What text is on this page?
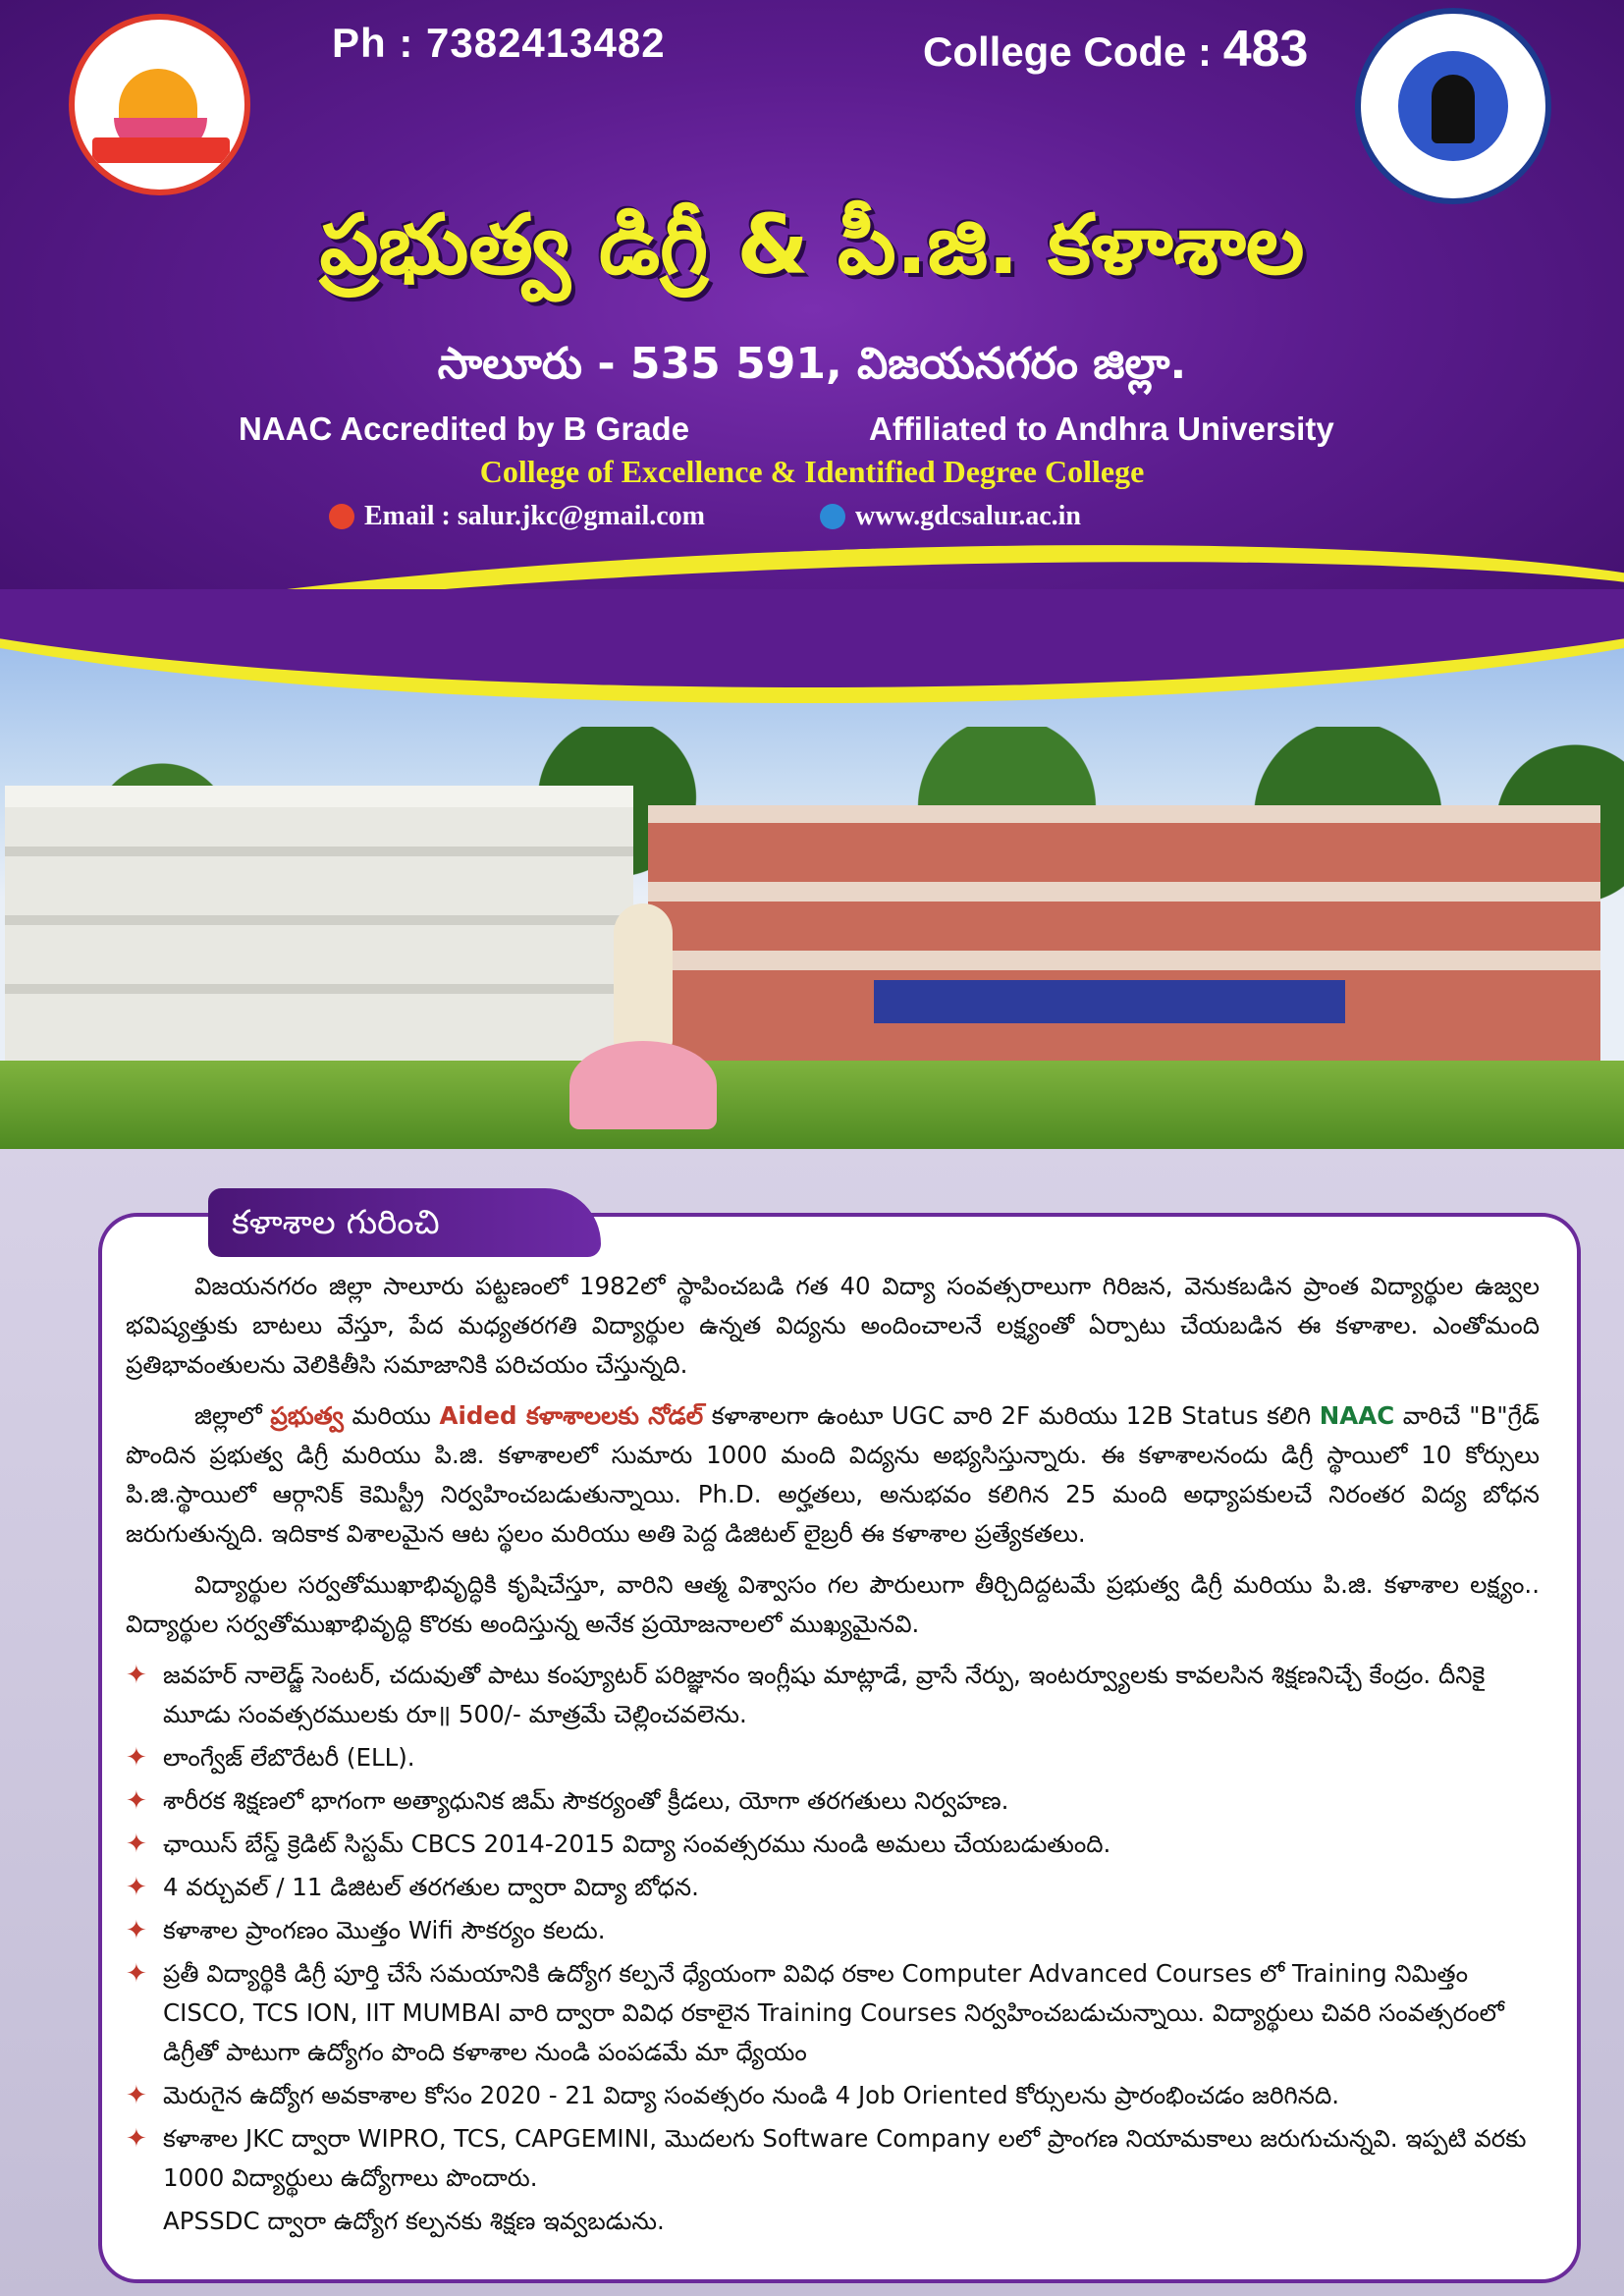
Ph : 7382413482	College Code : 483
ప్రభుత్వ డిగ్రీ & పీ.జి. కళాశాల
సాలూరు - 535 591, విజయనగరం జిల్లా.
NAAC Accredited by B Grade	Affiliated to Andhra University
College of Excellence & Identified Degree College
Email : salur.jkc@gmail.com	www.gdcsalur.ac.in
కళాశాల గురించి

విజయనగరం జిల్లా సాలూరు పట్టణంలో 1982లో స్థాపించబడి గత 40 విద్యా సంవత్సరాలుగా గిరిజన, వెనుకబడిన ప్రాంత విద్యార్థుల ఉజ్వల భవిష్యత్తుకు బాటలు వేస్తూ, పేద మధ్యతరగతి విద్యార్థుల ఉన్నత విద్యను అందించాలనే లక్ష్యంతో ఏర్పాటు చేయబడిన ఈ కళాశాల. ఎంతోమంది ప్రతిభావంతులను వెలికితీసి సమాజానికి పరిచయం చేస్తున్నది.

జిల్లాలో ప్రభుత్వ మరియు Aided కళాశాలలకు నోడల్ కళాశాలగా ఉంటూ UGC వారి 2F మరియు 12B Status కలిగి NAAC వారిచే "B"గ్రేడ్ పొందిన ప్రభుత్వ డిగ్రీ మరియు పి.జి. కళాశాలలో సుమారు 1000 మంది విద్యను అభ్యసిస్తున్నారు. ఈ కళాశాలనందు డిగ్రీ స్థాయిలో 10 కోర్సులు పి.జి.స్థాయిలో ఆర్గానిక్ కెమిస్ట్రీ నిర్వహించబడుతున్నాయి. Ph.D. అర్హతలు, అనుభవం కలిగిన 25 మంది అధ్యాపకులచే నిరంతర విద్య బోధన జరుగుతున్నది. ఇదికాక విశాలమైన ఆట స్థలం మరియు అతి పెద్ద డిజిటల్ లైబ్రరీ ఈ కళాశాల ప్రత్యేకతలు.

విద్యార్థుల సర్వతోముఖాభివృద్ధికి కృషిచేస్తూ, వారిని ఆత్మ విశ్వాసం గల పౌరులుగా తీర్చిదిద్దటమే ప్రభుత్వ డిగ్రీ మరియు పి.జి. కళాశాల లక్ష్యం.. విద్యార్థుల సర్వతోముఖాభివృద్ధి కొరకు అందిస్తున్న అనేక ప్రయోజనాలలో ముఖ్యమైనవి.

✦ జవహర్ నాలెడ్జ్ సెంటర్, చదువుతో పాటు కంప్యూటర్ పరిజ్ఞానం ఇంగ్లీషు మాట్లాడే, వ్రాసే నేర్పు, ఇంటర్వ్యూలకు కావలసిన శిక్షణనిచ్చే కేంద్రం. దీనికై మూడు సంవత్సరములకు రూ॥ 500/- మాత్రమే చెల్లించవలెను.
✦ లాంగ్వేజ్ లేబొరేటరీ (ELL).
✦ శారీరక శిక్షణలో భాగంగా అత్యాధునిక జిమ్ సౌకర్యంతో క్రీడలు, యోగా తరగతులు నిర్వహణ.
✦ ఛాయిస్ బేస్డ్ క్రెడిట్ సిస్టమ్ CBCS 2014-2015 విద్యా సంవత్సరము నుండి అమలు చేయబడుతుంది.
✦ 4 వర్చువల్ / 11 డిజిటల్ తరగతుల ద్వారా విద్యా బోధన.
✦ కళాశాల ప్రాంగణం మొత్తం Wifi సౌకర్యం కలదు.
✦ ప్రతీ విద్యార్థికి డిగ్రీ పూర్తి చేసే సమయానికి ఉద్యోగ కల్పనే ధ్యేయంగా వివిధ రకాల Computer Advanced Courses లో Training నిమిత్తం CISCO, TCS ION, IIT MUMBAI వారి ద్వారా వివిధ రకాలైన Training Courses నిర్వహించబడుచున్నాయి. విద్యార్థులు చివరి సంవత్సరంలో డిగ్రీతో పాటుగా ఉద్యోగం పొంది కళాశాల నుండి పంపడమే మా ధ్యేయం
✦ మెరుగైన ఉద్యోగ అవకాశాల కోసం 2020 - 21 విద్యా సంవత్సరం నుండి 4 Job Oriented కోర్సులను ప్రారంభించడం జరిగినది.
✦ కళాశాల JKC ద్వారా WIPRO, TCS, CAPGEMINI, మొదలగు Software Company లలో ప్రాంగణ నియామకాలు జరుగుచున్నవి. ఇప్పటి వరకు 1000 విద్యార్థులు ఉద్యోగాలు పొందారు.
APSSDC ద్వారా ఉద్యోగ కల్పనకు శిక్షణ ఇవ్వబడును.
